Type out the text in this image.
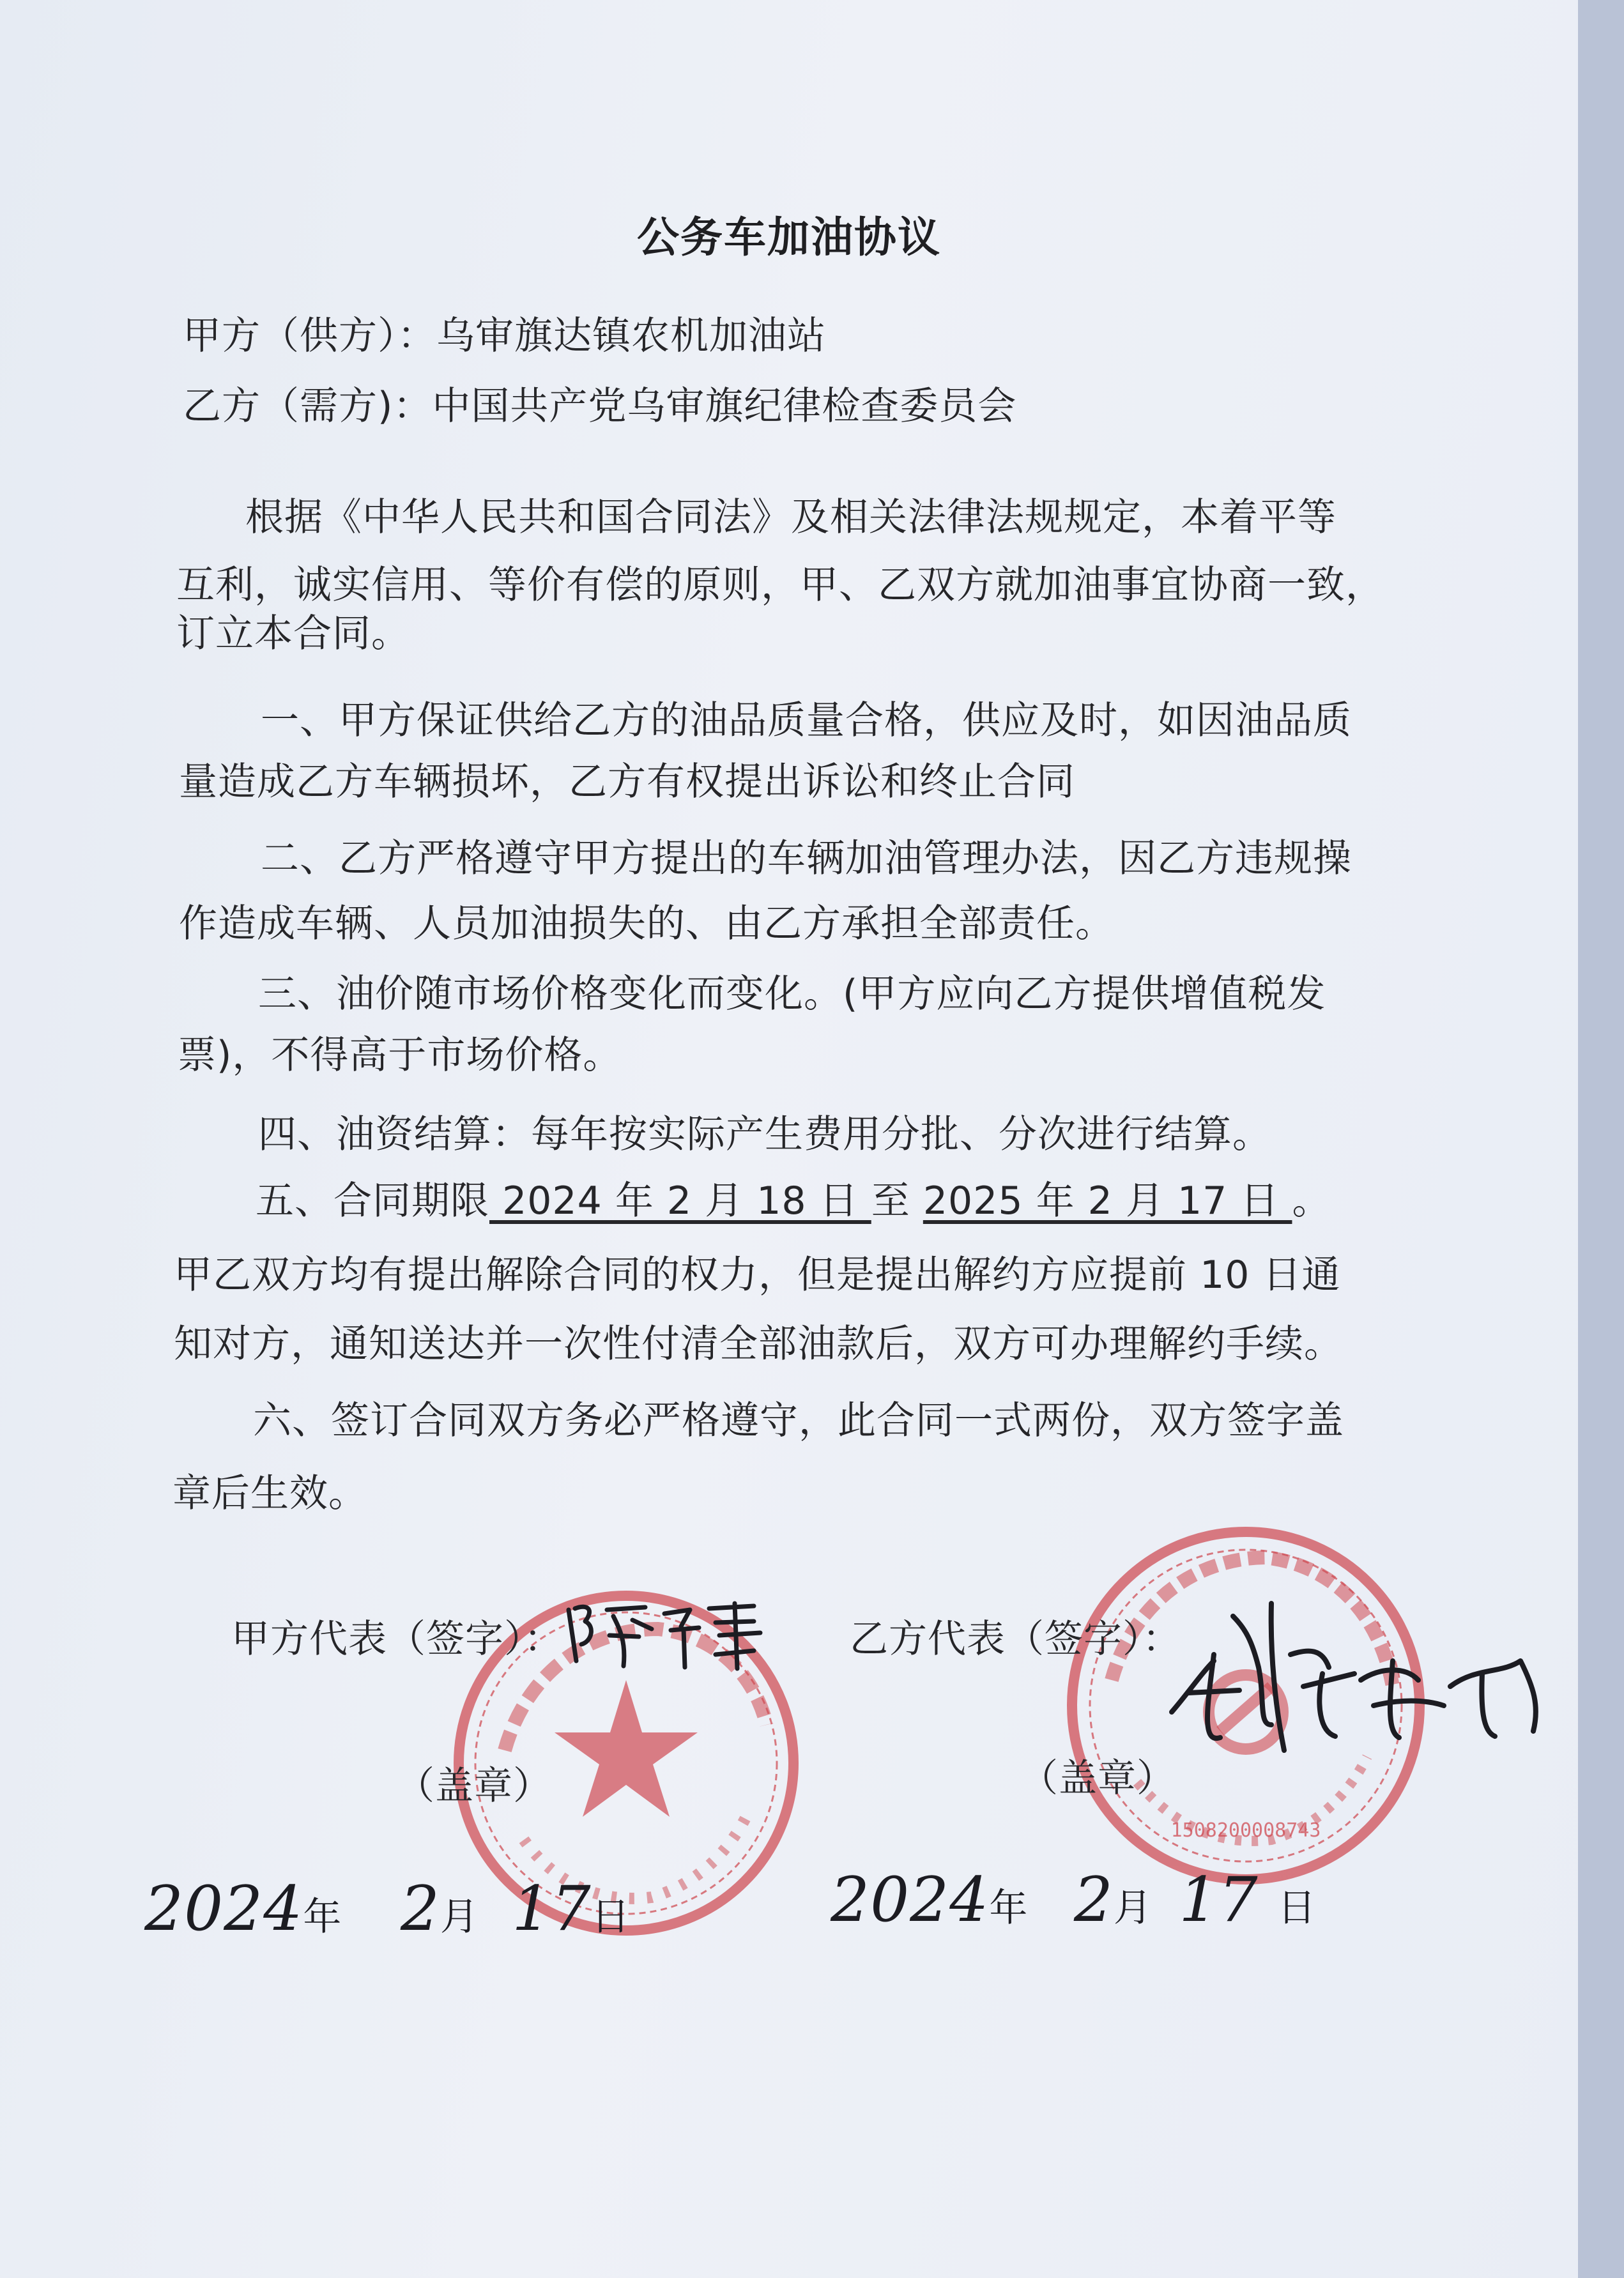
公务车加油协议
甲方（供方）：乌审旗达镇农机加油站
乙方（需方)：中国共产党乌审旗纪律检查委员会
根据《中华人民共和国合同法》及相关法律法规规定，本着平等
互利，诚实信用、等价有偿的原则，甲、乙双方就加油事宜协商一致，
订立本合同。
一、甲方保证供给乙方的油品质量合格，供应及时，如因油品质
量造成乙方车辆损坏，乙方有权提出诉讼和终止合同
二、乙方严格遵守甲方提出的车辆加油管理办法，因乙方违规操
作造成车辆、人员加油损失的、由乙方承担全部责任。
三、油价随市场价格变化而变化。(甲方应向乙方提供增值税发
票)，不得高于市场价格。
四、油资结算：每年按实际产生费用分批、分次进行结算。
五、合同期限 2024 年 2 月 18 日 至 2025 年 2 月 17 日 。
甲乙双方均有提出解除合同的权力，但是提出解约方应提前 10 日通
知对方，通知送达并一次性付清全部油款后，双方可办理解约手续。
六、签订合同双方务必严格遵守，此合同一式两份，双方签字盖
章后生效。
1508200008743
甲方代表（签字）：	乙方代表（签字）：
（盖章）	（盖章）
2024年 2月 17日	2024年 2月 17 日
